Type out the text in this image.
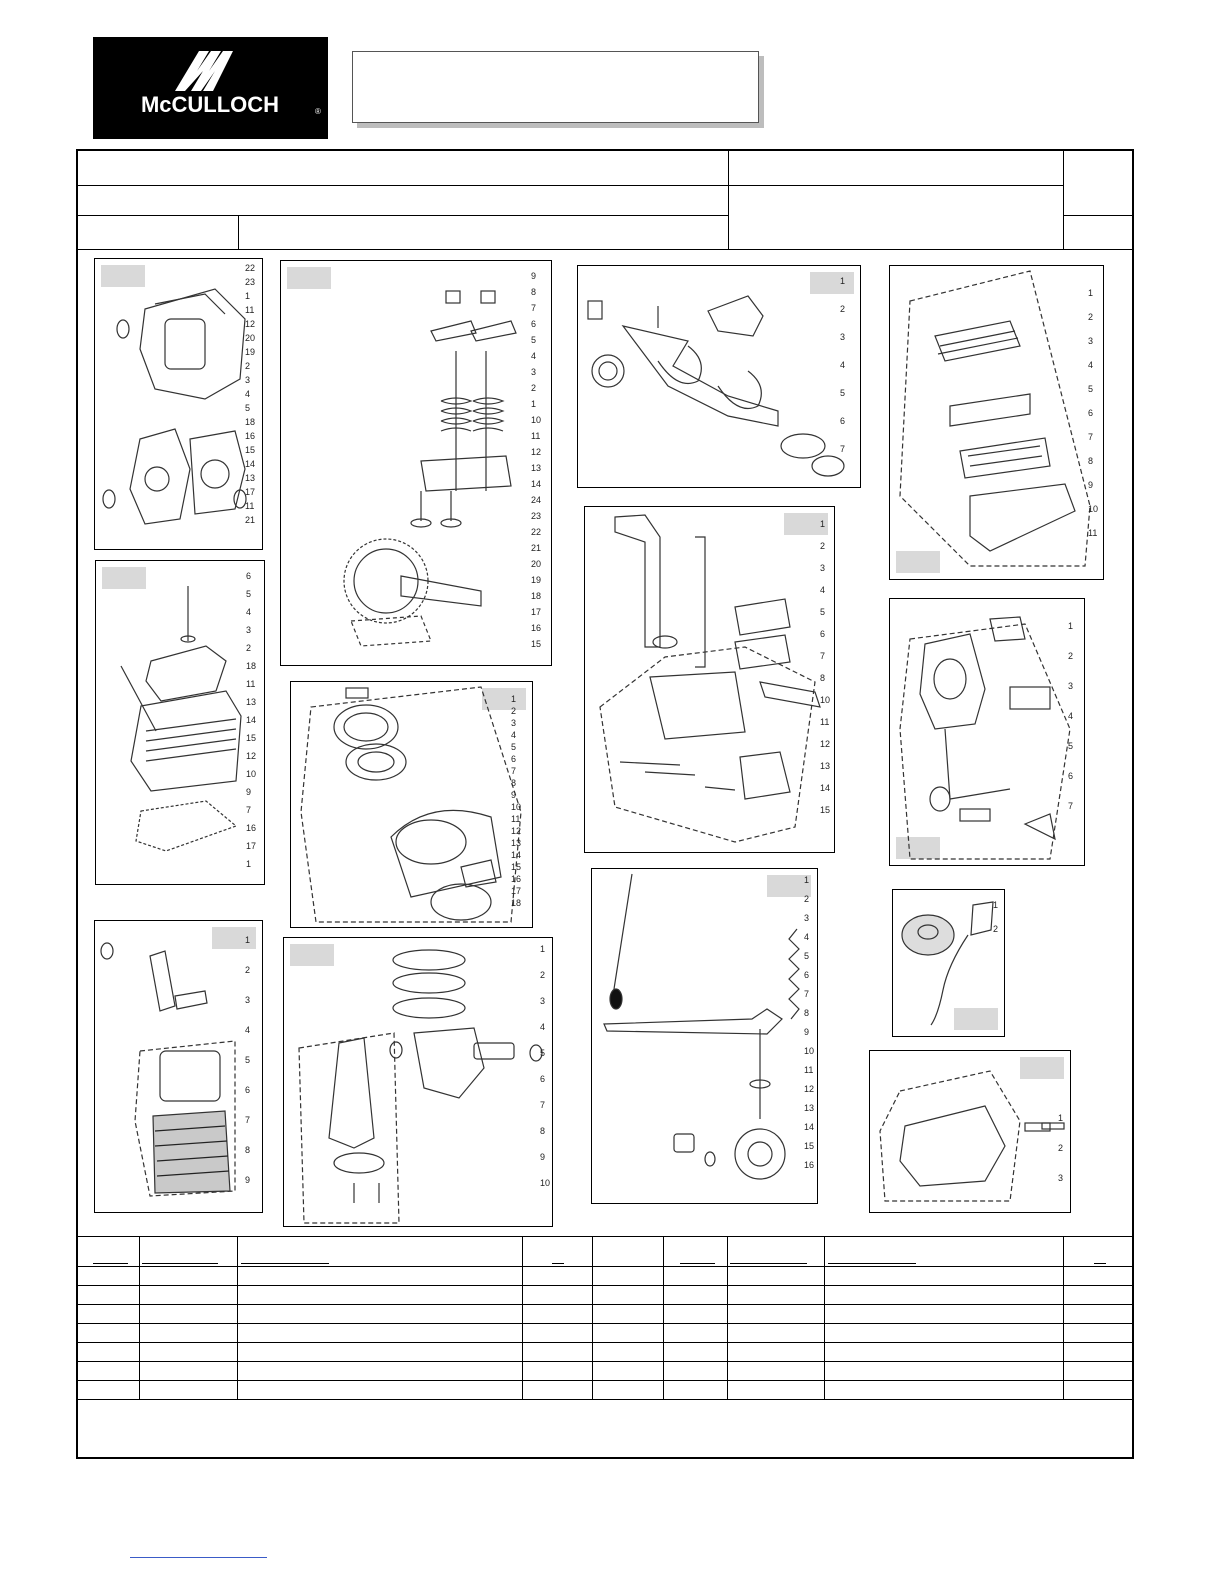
McCULLOCH	®
22
23
1
11
12
20
19
2
3
4
5
18
16
15
14
13
17
11
21
9
8
7
6
5
4
3
2
1
10
11
12
13
14
24
23
22
21
20
19
18
17
16
15
1
2
3
4
5
6
7
1
2
3
4
5
6
7
8
9
10
11
6
5
4
3
2
18
11
13
14
15
12
10
9
7
16
17
1
1
2
3
4
5
6
7
8
9
10
11
12
13
14
15
16
17
18
1
2
3
4
5
6
7
8
10
11
12
13
14
15
1
2
3
4
5
6
7
1
2
3
4
5
6
7
8
9
1
2
3
4
5
6
7
8
9
10
1
2
3
4
5
6
7
8
9
10
11
12
13
14
15
16
1
2
1
2
3
